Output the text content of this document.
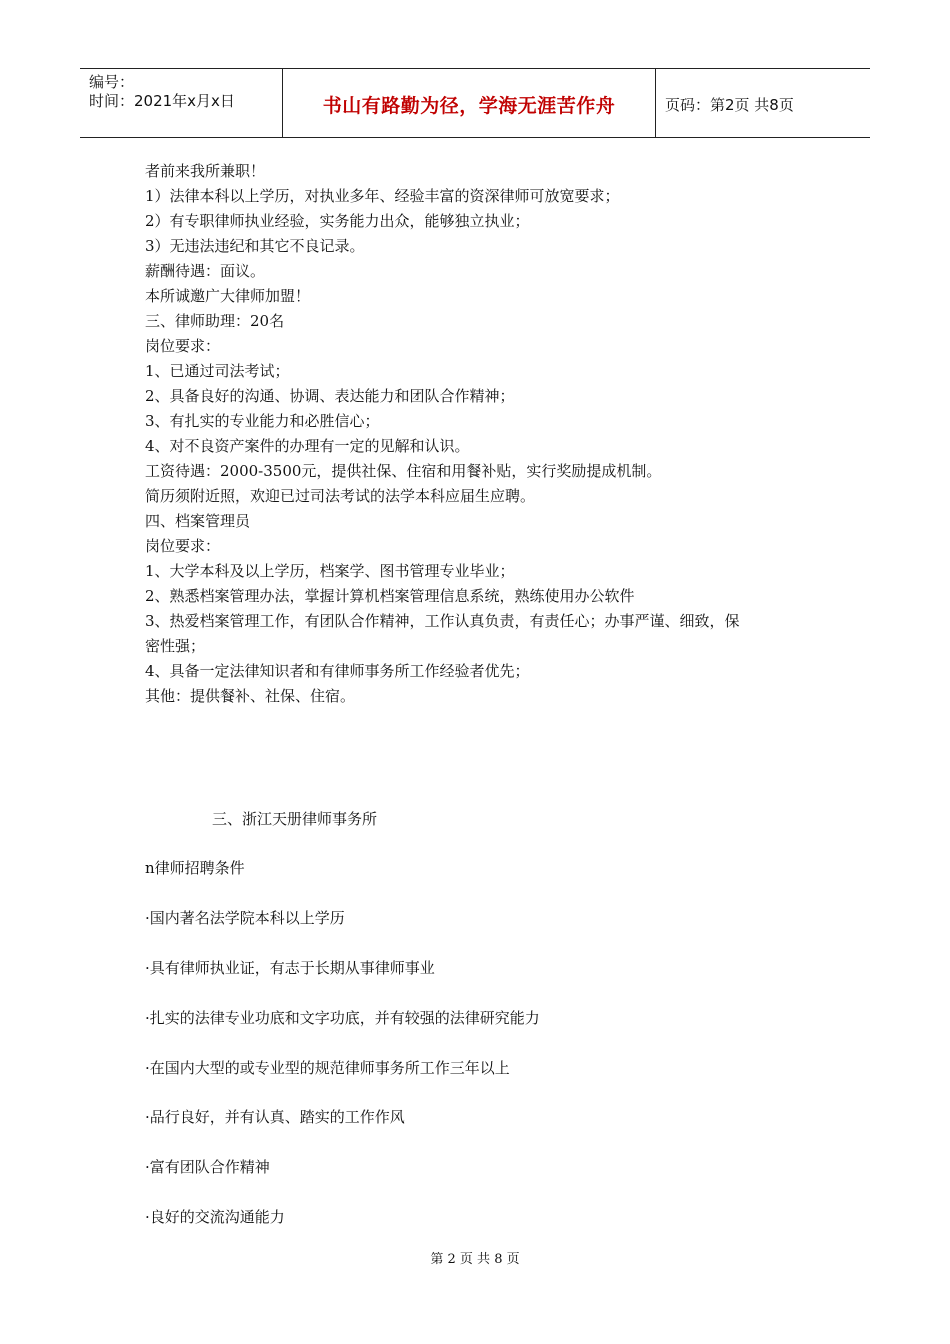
编号：
时间：2021年x月x日	书山有路勤为径，学海无涯苦作舟	页码：第2页 共8页
者前来我所兼职！
1）法律本科以上学历，对执业多年、经验丰富的资深律师可放宽要求；
2）有专职律师执业经验，实务能力出众，能够独立执业；
3）无违法违纪和其它不良记录。
薪酬待遇：面议。
本所诚邀广大律师加盟！
三、律师助理：20名
岗位要求：
1、已通过司法考试；
2、具备良好的沟通、协调、表达能力和团队合作精神；
3、有扎实的专业能力和必胜信心；
4、对不良资产案件的办理有一定的见解和认识。
工资待遇：2000-3500元，提供社保、住宿和用餐补贴，实行奖励提成机制。
简历须附近照，欢迎已过司法考试的法学本科应届生应聘。
四、档案管理员
岗位要求：
1、大学本科及以上学历，档案学、图书管理专业毕业；
2、熟悉档案管理办法，掌握计算机档案管理信息系统，熟练使用办公软件
3、热爱档案管理工作，有团队合作精神，工作认真负责，有责任心；办事严谨、细致，保
密性强；
4、具备一定法律知识者和有律师事务所工作经验者优先；
其他：提供餐补、社保、住宿。
三、浙江天册律师事务所
n律师招聘条件
·国内著名法学院本科以上学历
·具有律师执业证，有志于长期从事律师事业
·扎实的法律专业功底和文字功底，并有较强的法律研究能力
·在国内大型的或专业型的规范律师事务所工作三年以上
·品行良好，并有认真、踏实的工作作风
·富有团队合作精神
·良好的交流沟通能力
第 2 页 共 8 页
